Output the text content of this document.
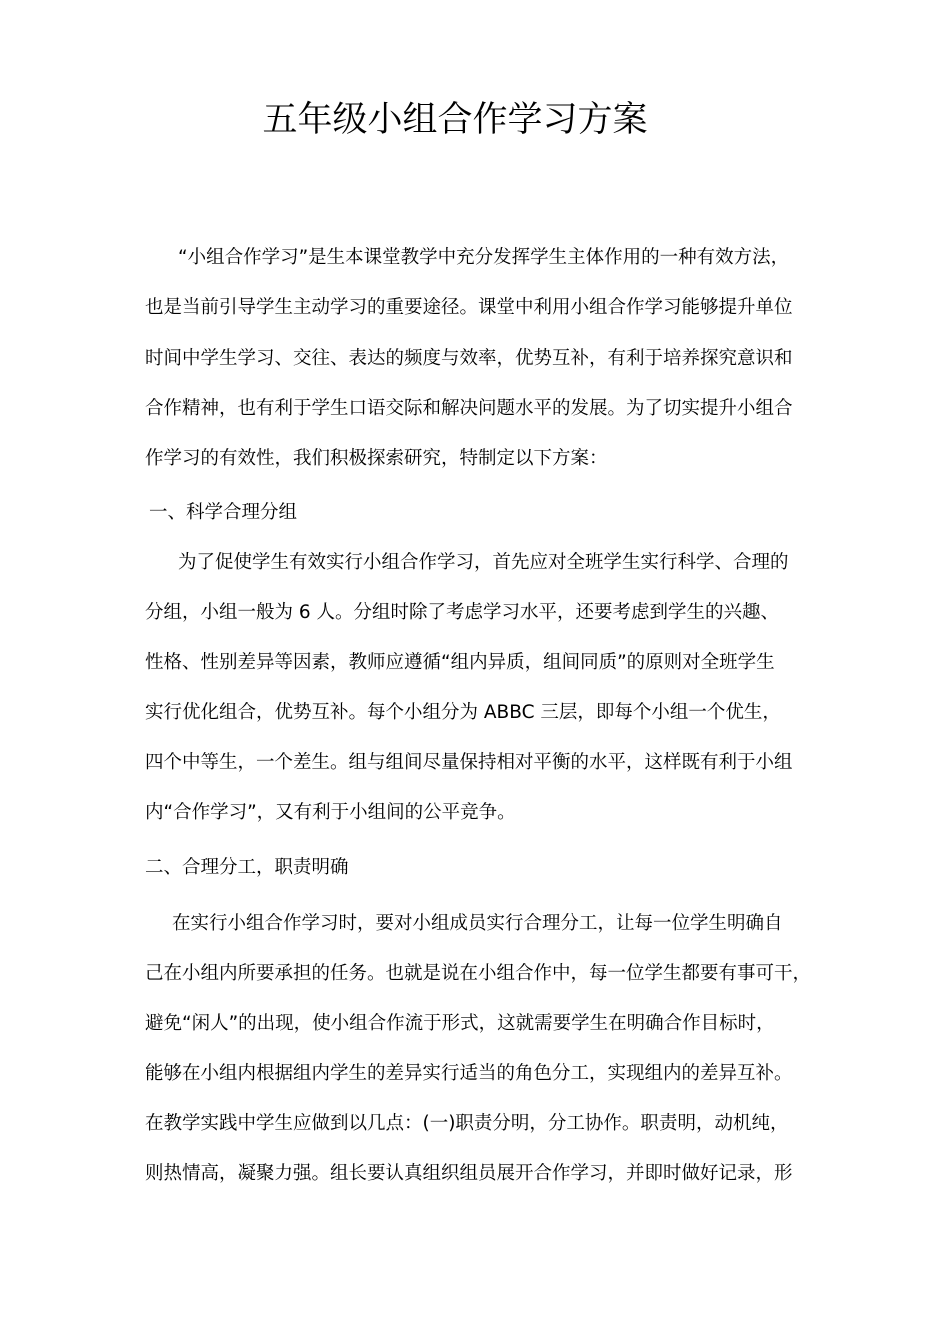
五年级小组合作学习方案
“小组合作学习”是生本课堂教学中充分发挥学生主体作用的一种有效方法，
也是当前引导学生主动学习的重要途径。课堂中利用小组合作学习能够提升单位
时间中学生学习、交往、表达的频度与效率，优势互补，有利于培养探究意识和
合作精神，也有利于学生口语交际和解决问题水平的发展。为了切实提升小组合
作学习的有效性，我们积极探索研究，特制定以下方案：
一、科学合理分组
为了促使学生有效实行小组合作学习，首先应对全班学生实行科学、合理的
分组，小组一般为 6 人。分组时除了考虑学习水平，还要考虑到学生的兴趣、
性格、性别差异等因素，教师应遵循“组内异质，组间同质”的原则对全班学生
实行优化组合，优势互补。每个小组分为 ABBC 三层，即每个小组一个优生，
四个中等生，一个差生。组与组间尽量保持相对平衡的水平，这样既有利于小组
内“合作学习”，又有利于小组间的公平竞争。
二、合理分工，职责明确
在实行小组合作学习时，要对小组成员实行合理分工，让每一位学生明确自
己在小组内所要承担的任务。也就是说在小组合作中，每一位学生都要有事可干，
避免“闲人”的出现，使小组合作流于形式，这就需要学生在明确合作目标时，
能够在小组内根据组内学生的差异实行适当的角色分工，实现组内的差异互补。
在教学实践中学生应做到以几点：(一)职责分明，分工协作。职责明，动机纯，
则热情高，凝聚力强。组长要认真组织组员展开合作学习，并即时做好记录，形
